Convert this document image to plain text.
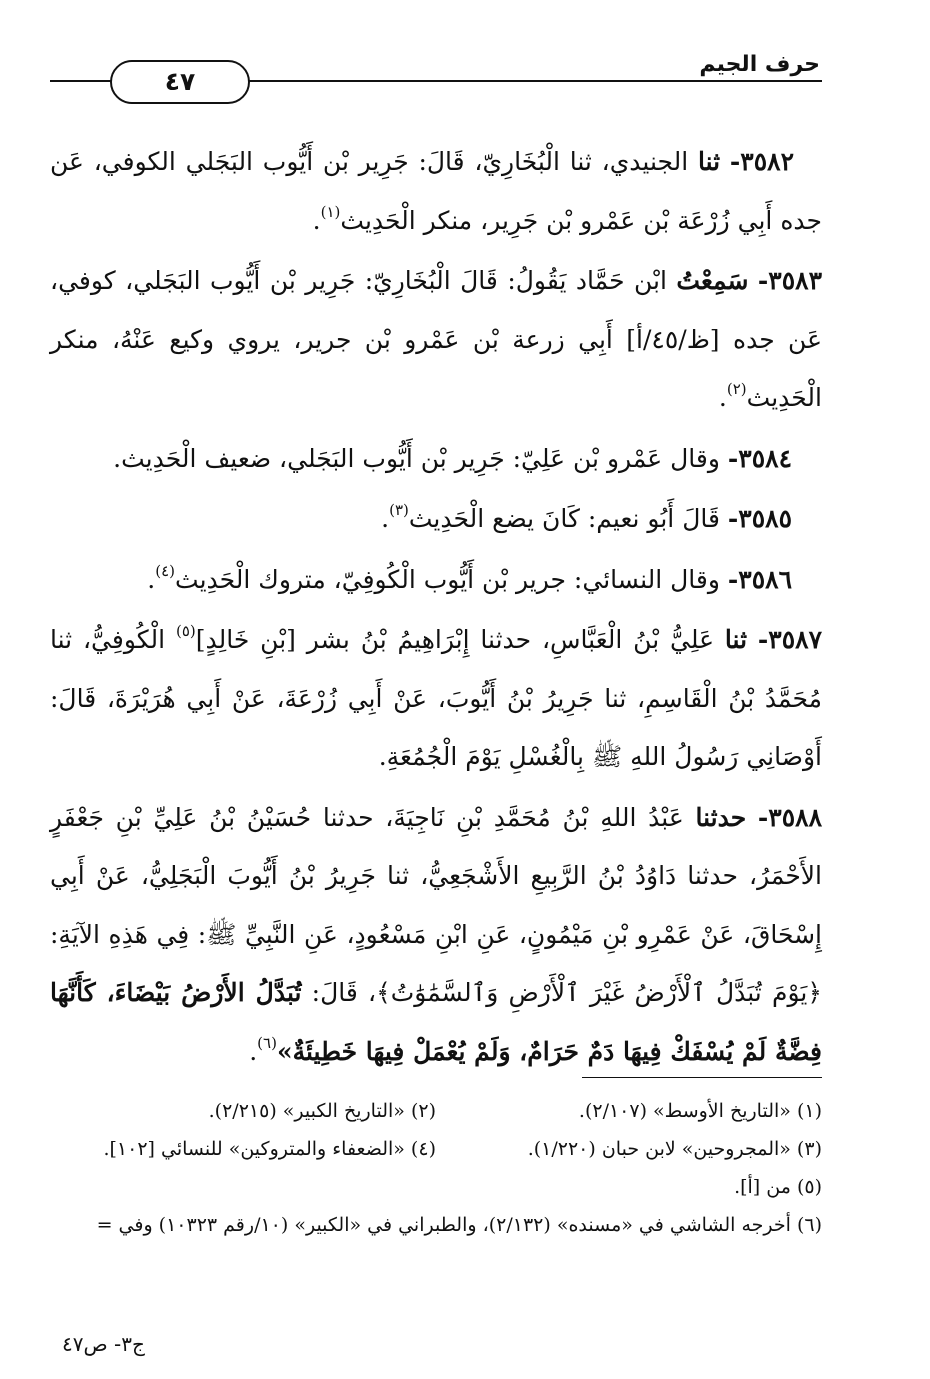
٤٧
حرف الجيم

٣٥٨٢- ثنا الجنيدي، ثنا الْبُخَارِيّ، قَالَ: جَرِير بْن أَيُّوب البَجَلي الكوفي، عَن جده أَبِي زُرْعَة بْن عَمْرو بْن جَرِير، منكر الْحَدِيث$^{(١)}$.

٣٥٨٣- سَمِعْتُ ابْن حَمَّاد يَقُولُ: قَالَ الْبُخَارِيّ: جَرِير بْن أَيُّوب البَجَلي، كوفي، عَن جده [ظ/٤٥/أ] أَبِي زرعة بْن عَمْرو بْن جرير، يروي وكيع عَنْهُ، منكر الْحَدِيث$^{(٢)}$.

٣٥٨٤- وقال عَمْرو بْن عَلِيّ: جَرِير بْن أَيُّوب البَجَلي، ضعيف الْحَدِيث.

٣٥٨٥- قَالَ أَبُو نعيم: كَانَ يضع الْحَدِيث$^{(٣)}$.

٣٥٨٦- وقال النسائي: جرير بْن أَيُّوب الْكُوفِيّ، متروك الْحَدِيث$^{(٤)}$.

٣٥٨٧- ثنا عَلِيُّ بْنُ الْعَبَّاسِ، حدثنا إِبْرَاهِيمُ بْنُ بشر [بْنِ خَالِدٍ]$^{(٥)}$ الْكُوفِيُّ، ثنا مُحَمَّدُ بْنُ الْقَاسِمِ، ثنا جَرِيرُ بْنُ أَيُّوبَ، عَنْ أَبِي زُرْعَةَ، عَنْ أَبِي هُرَيْرَةَ، قَالَ: أَوْصَانِي رَسُولُ اللهِ ﷺ بِالْغُسْلِ يَوْمَ الْجُمُعَةِ.

٣٥٨٨- حدثنا عَبْدُ اللهِ بْنُ مُحَمَّدِ بْنِ نَاجِيَةَ، حدثنا حُسَيْنُ بْنُ عَلِيِّ بْنِ جَعْفَرٍ الأَحْمَرُ، حدثنا دَاوُدُ بْنُ الرَّبِيعِ الأَشْجَعِيُّ، ثنا جَرِيرُ بْنُ أَيُّوبَ الْبَجَلِيُّ، عَنْ أَبِي إِسْحَاقَ، عَنْ عَمْرِو بْنِ مَيْمُونٍ، عَنِ ابْنِ مَسْعُودٍ، عَنِ النَّبِيِّ ﷺ: فِي هَذِهِ الآيَةِ: ﴿يَوْمَ تُبَدَّلُ ٱلْأَرْضُ غَيْرَ ٱلْأَرْضِ وَٱلسَّمَٰوَٰتُ﴾، قَالَ: تُبَدَّلُ الأَرْضُ بَيْضَاءَ، كَأَنَّهَا فِضَّةٌ لَمْ يُسْفَكْ فِيهَا دَمٌ حَرَامٌ، وَلَمْ يُعْمَلْ فِيهَا خَطِيئَةٌ»$^{(٦)}$.

(١) «التاريخ الأوسط» (٢/١٠٧).
(٢) «التاريخ الكبير» (٢/٢١٥).
(٣) «المجروحين» لابن حبان (١/٢٢٠).
(٤) «الضعفاء والمتروكين» للنسائي [١٠٢].
(٥) من [أ].
(٦) أخرجه الشاشي في «مسنده» (٢/١٣٢)، والطبراني في «الكبير» (١٠/رقم ١٠٣٢٣) وفي =
ج٣- ص٤٧
